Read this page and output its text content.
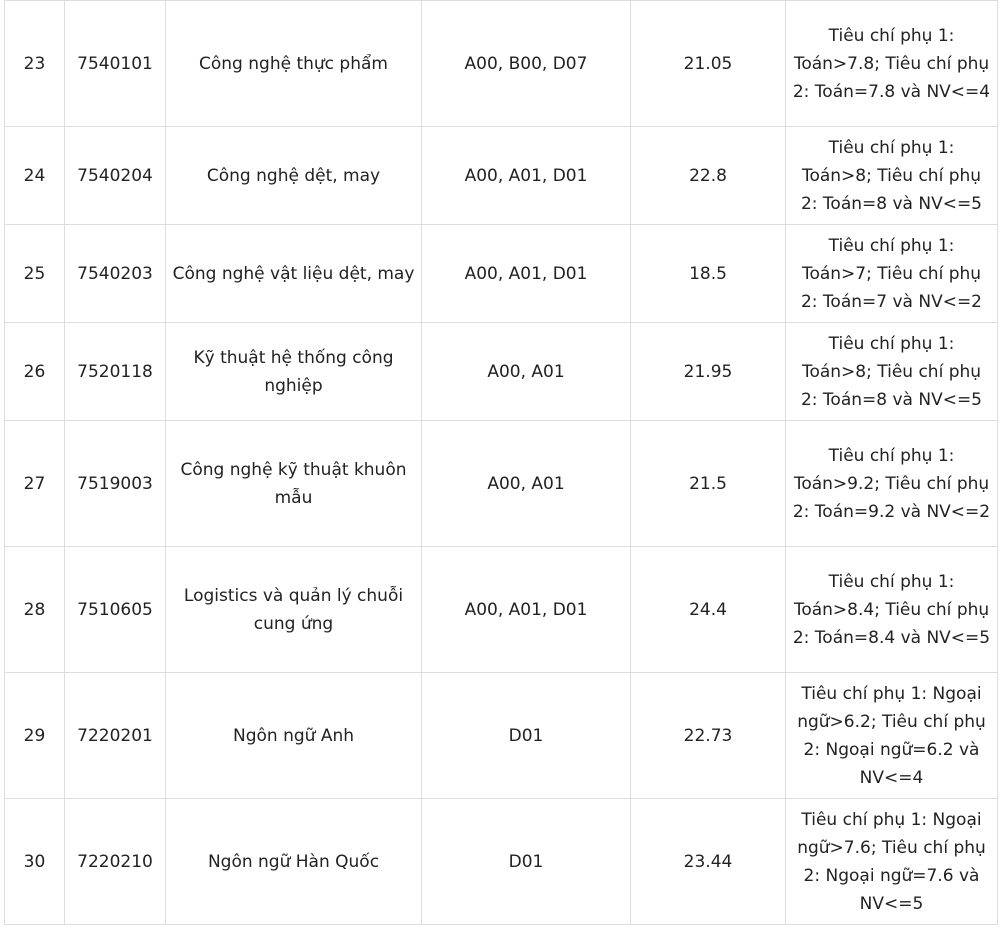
23	7540101	Công nghệ thực phẩm	A00, B00, D07	21.05	Tiêu chí phụ 1: Toán>7.8; Tiêu chí phụ 2: Toán=7.8 và NV<=4
24	7540204	Công nghệ dệt, may	A00, A01, D01	22.8	Tiêu chí phụ 1: Toán>8; Tiêu chí phụ 2: Toán=8 và NV<=5
25	7540203	Công nghệ vật liệu dệt, may	A00, A01, D01	18.5	Tiêu chí phụ 1: Toán>7; Tiêu chí phụ 2: Toán=7 và NV<=2
26	7520118	Kỹ thuật hệ thống công nghiệp	A00, A01	21.95	Tiêu chí phụ 1: Toán>8; Tiêu chí phụ 2: Toán=8 và NV<=5
27	7519003	Công nghệ kỹ thuật khuôn mẫu	A00, A01	21.5	Tiêu chí phụ 1: Toán>9.2; Tiêu chí phụ 2: Toán=9.2 và NV<=2
28	7510605	Logistics và quản lý chuỗi cung ứng	A00, A01, D01	24.4	Tiêu chí phụ 1: Toán>8.4; Tiêu chí phụ 2: Toán=8.4 và NV<=5
29	7220201	Ngôn ngữ Anh	D01	22.73	Tiêu chí phụ 1: Ngoại ngữ>6.2; Tiêu chí phụ 2: Ngoại ngữ=6.2 và NV<=4
30	7220210	Ngôn ngữ Hàn Quốc	D01	23.44	Tiêu chí phụ 1: Ngoại ngữ>7.6; Tiêu chí phụ 2: Ngoại ngữ=7.6 và NV<=5
